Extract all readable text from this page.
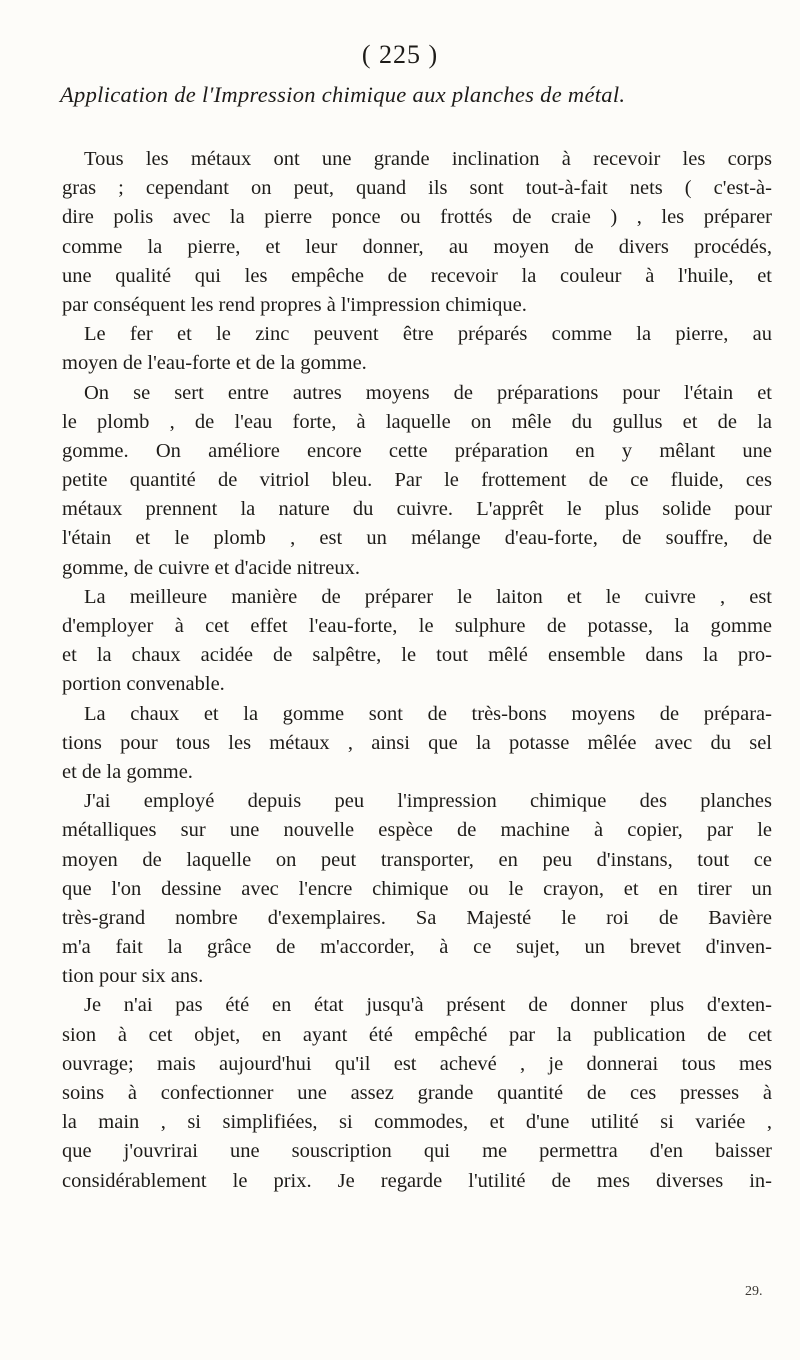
( 225 )
Application de l'Impression chimique aux planches de métal.
Tous les métaux ont une grande inclination à recevoir les corps
gras ; cependant on peut, quand ils sont tout-à-fait nets ( c'est-à-
dire polis avec la pierre ponce ou frottés de craie ) , les préparer
comme la pierre, et leur donner, au moyen de divers procédés,
une qualité qui les empêche de recevoir la couleur à l'huile, et
par conséquent les rend propres à l'impression chimique.
Le fer et le zinc peuvent être préparés comme la pierre, au
moyen de l'eau-forte et de la gomme.
On se sert entre autres moyens de préparations pour l'étain et
le plomb , de l'eau forte, à laquelle on mêle du gullus et de la
gomme. On améliore encore cette préparation en y mêlant une
petite quantité de vitriol bleu. Par le frottement de ce fluide, ces
métaux prennent la nature du cuivre. L'apprêt le plus solide pour
l'étain et le plomb , est un mélange d'eau-forte, de souffre, de
gomme, de cuivre et d'acide nitreux.
La meilleure manière de préparer le laiton et le cuivre , est
d'employer à cet effet l'eau-forte, le sulphure de potasse, la gomme
et la chaux acidée de salpêtre, le tout mêlé ensemble dans la pro-
portion convenable.
La chaux et la gomme sont de très-bons moyens de prépara-
tions pour tous les métaux , ainsi que la potasse mêlée avec du sel
et de la gomme.
J'ai employé depuis peu l'impression chimique des planches
métalliques sur une nouvelle espèce de machine à copier, par le
moyen de laquelle on peut transporter, en peu d'instans, tout ce
que l'on dessine avec l'encre chimique ou le crayon, et en tirer un
très-grand nombre d'exemplaires. Sa Majesté le roi de Bavière
m'a fait la grâce de m'accorder, à ce sujet, un brevet d'inven-
tion pour six ans.
Je n'ai pas été en état jusqu'à présent de donner plus d'exten-
sion à cet objet, en ayant été empêché par la publication de cet
ouvrage; mais aujourd'hui qu'il est achevé , je donnerai tous mes
soins à confectionner une assez grande quantité de ces presses à
la main , si simplifiées, si commodes, et d'une utilité si variée ,
que j'ouvrirai une souscription qui me permettra d'en baisser
considérablement le prix. Je regarde l'utilité de mes diverses in-
29.
